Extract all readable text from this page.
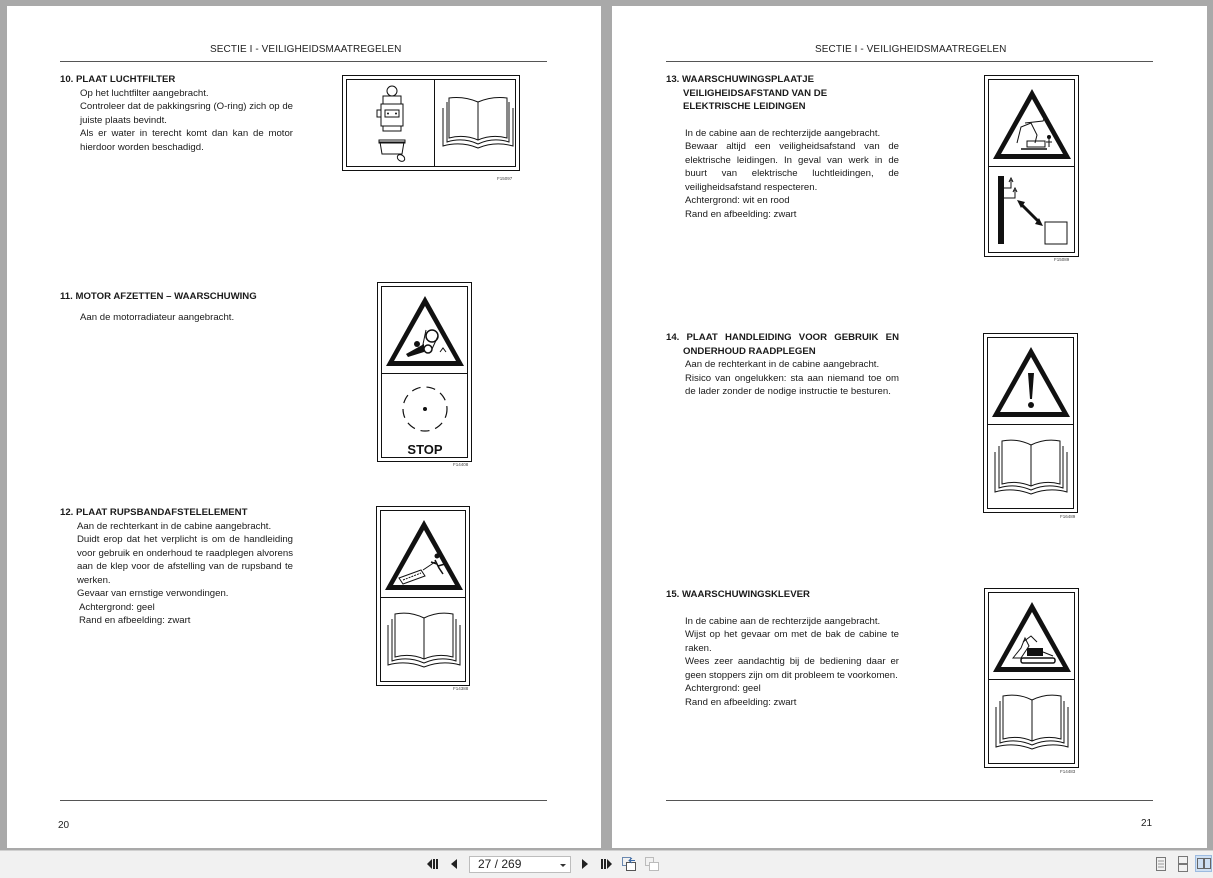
SECTIE I - VEILIGHEIDSMAATREGELEN
10. PLAAT LUCHTFILTER

Op het luchtfilter aangebracht.

Controleer dat de pakkingsring (O-ring) zich op de juiste plaats bevindt.

Als er water in terecht komt dan kan de motor hierdoor worden beschadigd.

F15097
11. MOTOR AFZETTEN – WAARSCHUWING

Aan de motorradiateur aangebracht.

STOP
F14408
12. PLAAT RUPSBANDAFSTELELEMENT

Aan de rechterkant in de cabine aangebracht.

Duidt erop dat het verplicht is om de handleiding voor gebruik en onderhoud te raadplegen alvorens aan de klep voor de afstelling van de rupsband te werken.

Gevaar van ernstige verwondingen.

Achtergrond: geel

Rand en afbeelding: zwart

F14388
20
SECTIE I - VEILIGHEIDSMAATREGELEN
13. WAARSCHUWINGSPLAATJE
VEILIGHEIDSAFSTAND VAN DE
ELEKTRISCHE LEIDINGEN

In de cabine aan de rechterzijde aangebracht.

Bewaar altijd een veiligheidsafstand van de elektrische leidingen. In geval van werk in de buurt van elektrische luchtleidingen, de veiligheidsafstand respecteren.

Achtergrond: wit en rood

Rand en afbeelding: zwart

F15089
14. PLAAT HANDLEIDING VOOR GEBRUIK EN
ONDERHOUD RAADPLEGEN

Aan de rechterkant in de cabine aangebracht.

Risico van ongelukken: sta aan niemand toe om de lader zonder de nodige instructie te besturen.

F16489
15. WAARSCHUWINGSKLEVER

In de cabine aan de rechterzijde aangebracht.

Wijst op het gevaar om met de bak de cabine te raken.

Wees zeer aandachtig bij de bediening daar er geen stoppers zijn om dit probleem te voorkomen.

Achtergrond: geel

Rand en afbeelding: zwart

F14483
21
27 / 269
